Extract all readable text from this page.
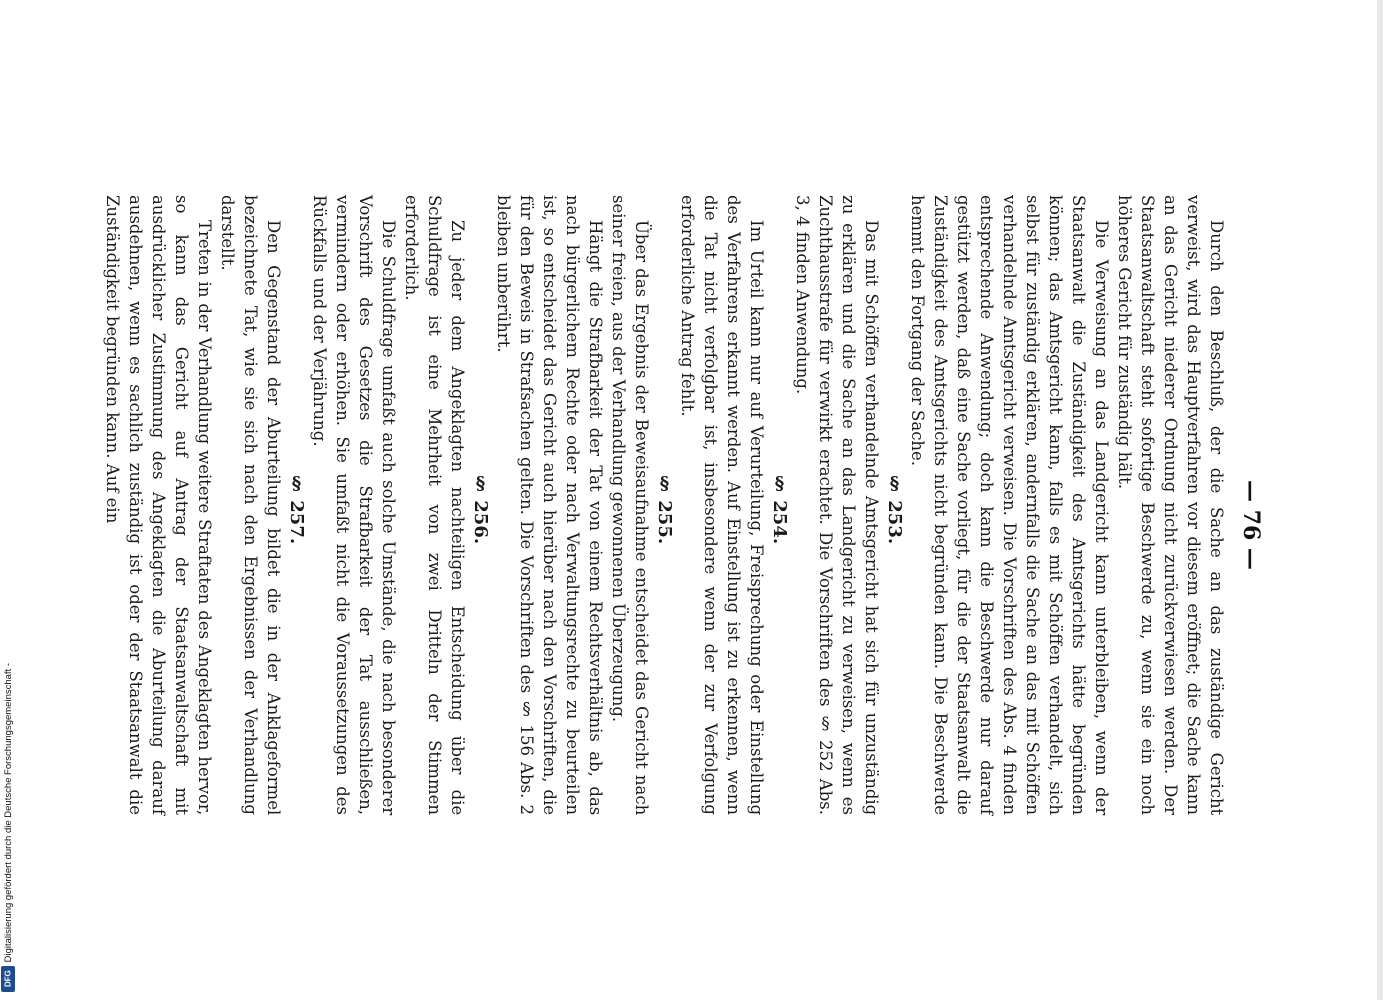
Digitalisierung gefördert durch die Deutsche Forschungsgemeinschaft -
DFG
— 76 —

Durch den Beschluß, der die Sache an das zuständige Gericht verweist, wird das Hauptverfahren vor diesem eröffnet; die Sache kann an das Gericht niederer Ordnung nicht zurückverwiesen werden. Der Staatsanwaltschaft steht sofortige Beschwerde zu, wenn sie ein noch höheres Gericht für zuständig hält.

Die Verweisung an das Landgericht kann unterbleiben, wenn der Staatsanwalt die Zuständigkeit des Amtsgerichts hätte begründen können; das Amtsgericht kann, falls es mit Schöffen verhandelt, sich selbst für zuständig erklären, andernfalls die Sache an das mit Schöffen verhandelnde Amtsgericht verweisen. Die Vorschriften des Abs. 4 finden entsprechende Anwendung; doch kann die Beschwerde nur darauf gestützt werden, daß eine Sache vorliegt, für die der Staatsanwalt die Zuständigkeit des Amtsgerichts nicht begründen kann. Die Beschwerde hemmt den Fortgang der Sache.

§ 253.

Das mit Schöffen verhandelnde Amtsgericht hat sich für unzuständig zu erklären und die Sache an das Landgericht zu verweisen, wenn es Zuchthausstrafe für verwirkt erachtet. Die Vorschriften des § 252 Abs. 3, 4 finden Anwendung.

§ 254.

Im Urteil kann nur auf Verurteilung, Freisprechung oder Einstellung des Verfahrens erkannt werden. Auf Einstellung ist zu erkennen, wenn die Tat nicht verfolgbar ist, insbesondere wenn der zur Verfolgung erforderliche Antrag fehlt.

§ 255.

Über das Ergebnis der Beweisaufnahme entscheidet das Gericht nach seiner freien, aus der Verhandlung gewonnenen Überzeugung.

Hängt die Strafbarkeit der Tat von einem Rechtsverhältnis ab, das nach bürgerlichem Rechte oder nach Verwaltungsrechte zu beurteilen ist, so entscheidet das Gericht auch hierüber nach den Vorschriften, die für den Beweis in Strafsachen gelten. Die Vorschriften des § 156 Abs. 2 bleiben unberührt.

§ 256.

Zu jeder dem Angeklagten nachteiligen Entscheidung über die Schuldfrage ist eine Mehrheit von zwei Dritteln der Stimmen erforderlich.

Die Schuldfrage umfaßt auch solche Umstände, die nach besonderer Vorschrift des Gesetzes die Strafbarkeit der Tat ausschließen, vermindern oder erhöhen. Sie umfaßt nicht die Voraussetzungen des Rückfalls und der Verjährung.

§ 257.

Den Gegenstand der Aburteilung bildet die in der Anklageformel bezeichnete Tat, wie sie sich nach den Ergebnissen der Verhandlung darstellt.

Treten in der Verhandlung weitere Straftaten des Angeklagten hervor, so kann das Gericht auf Antrag der Staatsanwaltschaft mit ausdrücklicher Zustimmung des Angeklagten die Aburteilung darauf ausdehnen, wenn es sachlich zuständig ist oder der Staatsanwalt die Zuständigkeit begründen kann. Auf ein
